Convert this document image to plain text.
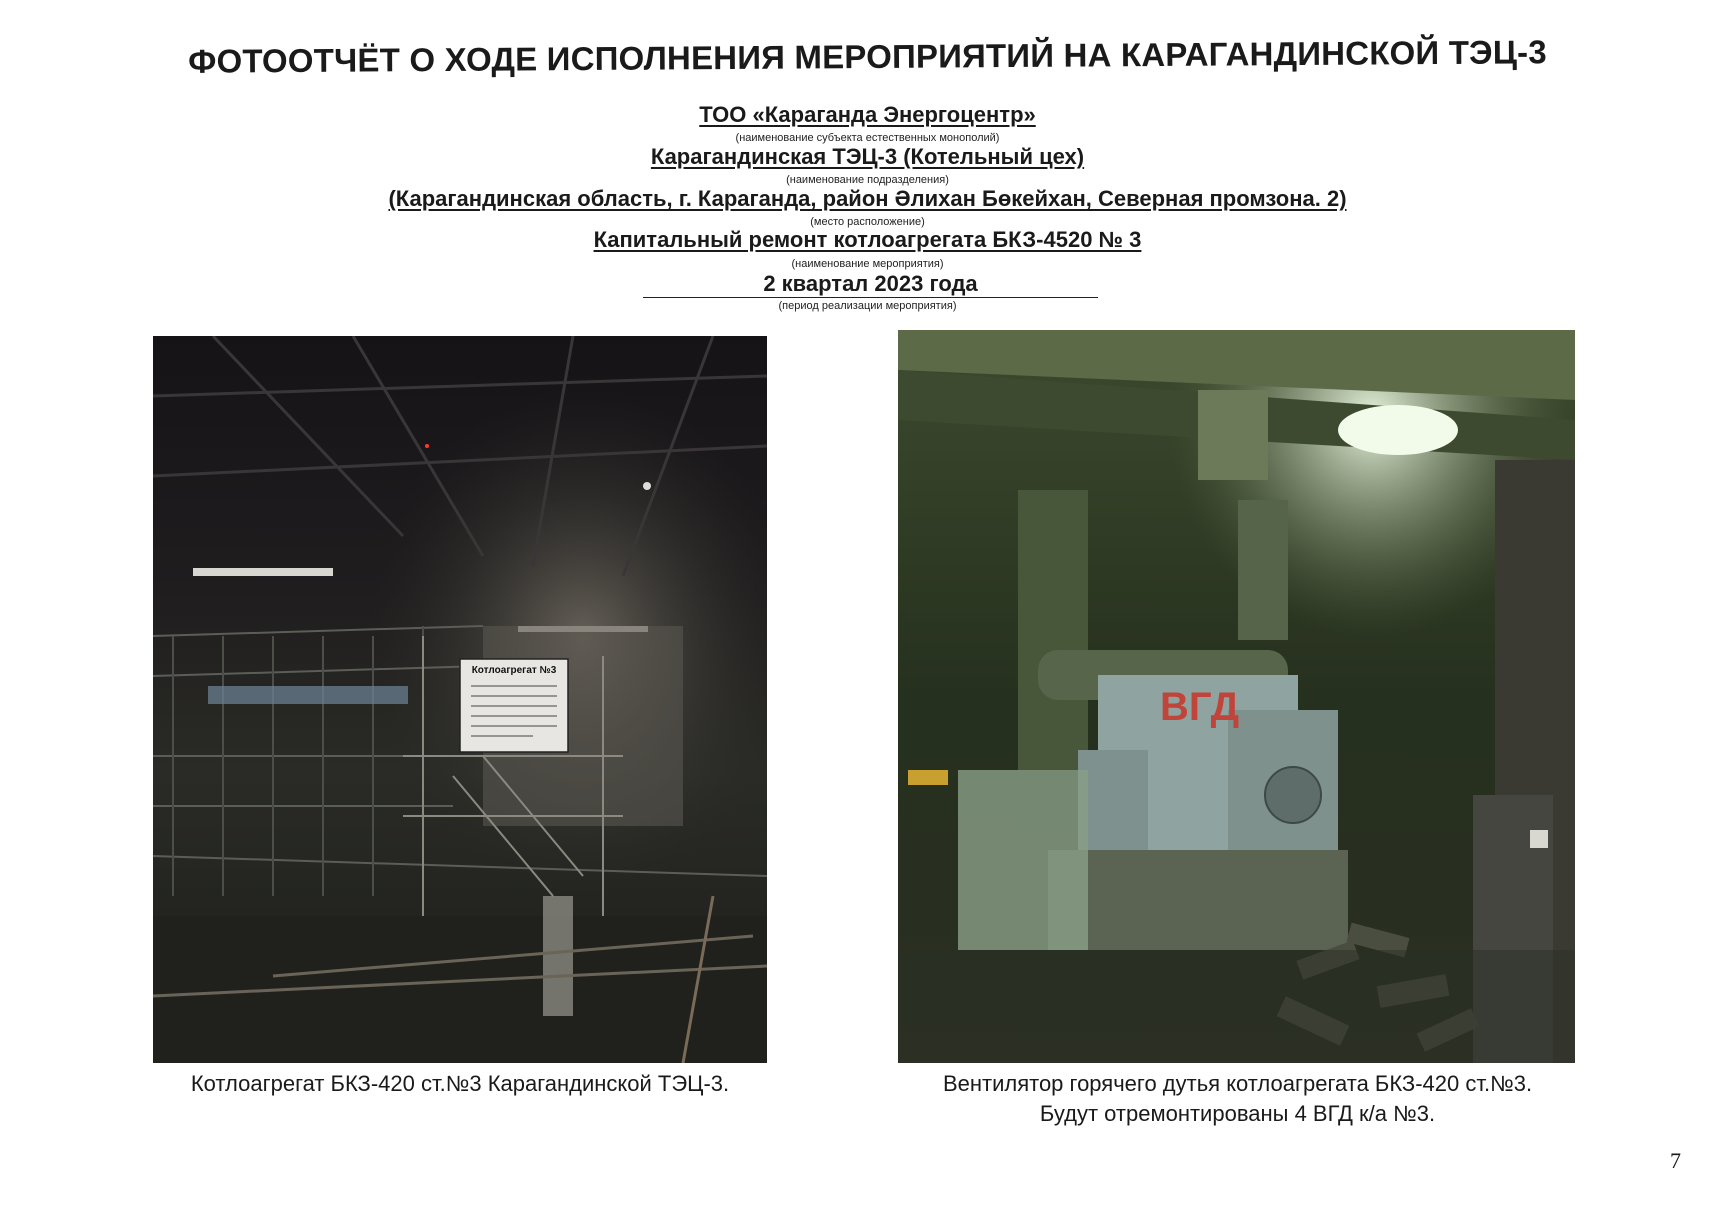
ФОТООТЧЁТ О ХОДЕ ИСПОЛНЕНИЯ МЕРОПРИЯТИЙ НА КАРАГАНДИНСКОЙ ТЭЦ-3
ТОО «Караганда Энергоцентр»
(наименование субъекта естественных монополий)
Карагандинская ТЭЦ-3 (Котельный цех)
(наименование подразделения)
(Карагандинская область, г. Караганда, район Әлихан Бөкейхан, Северная промзона. 2)
(место расположение)
Капитальный ремонт котлоагрегата БКЗ-4520 № 3
(наименование мероприятия)
2 квартал 2023 года
(период реализации мероприятия)
Котлоагрегат №3
ВГД
Котлоагрегат БКЗ-420 ст.№3 Карагандинской ТЭЦ-3.	Вентилятор горячего дутья котлоагрегата БКЗ-420 ст.№3.
Будут отремонтированы 4 ВГД к/а №3.
7
